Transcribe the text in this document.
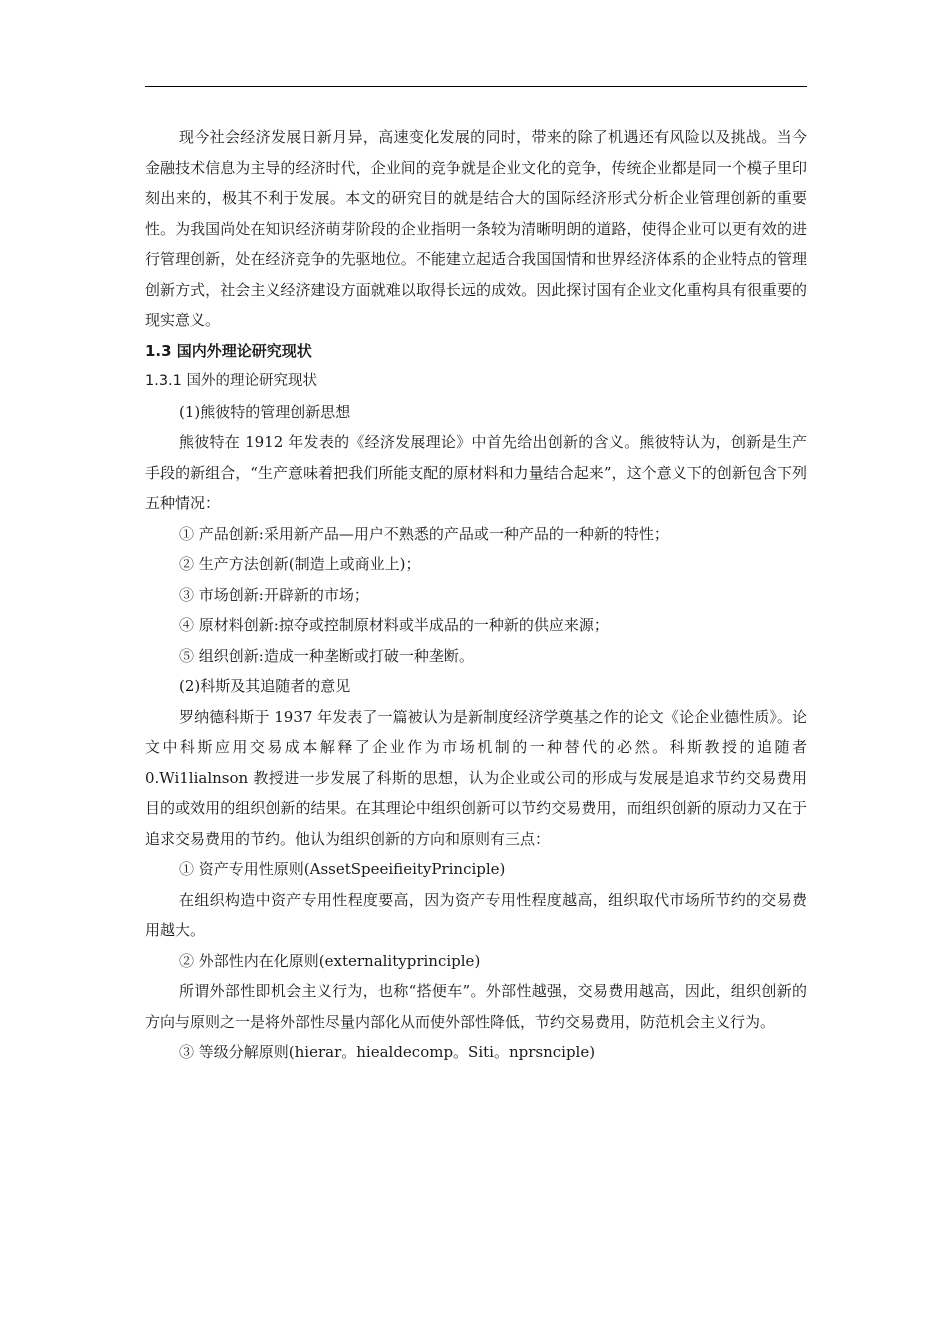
现今社会经济发展日新月异，高速变化发展的同时，带来的除了机遇还有风险以及挑战。当今金融技术信息为主导的经济时代，企业间的竞争就是企业文化的竞争，传统企业都是同一个模子里印刻出来的，极其不利于发展。本文的研究目的就是结合大的国际经济形式分析企业管理创新的重要性。为我国尚处在知识经济萌芽阶段的企业指明一条较为清晰明朗的道路，使得企业可以更有效的进行管理创新，处在经济竞争的先驱地位。不能建立起适合我国国情和世界经济体系的企业特点的管理创新方式，社会主义经济建设方面就难以取得长远的成效。因此探讨国有企业文化重构具有很重要的现实意义。

1.3 国内外理论研究现状

1.3.1 国外的理论研究现状

(1)熊彼特的管理创新思想

熊彼特在 1912 年发表的《经济发展理论》中首先给出创新的含义。熊彼特认为，创新是生产手段的新组合，“生产意味着把我们所能支配的原材料和力量结合起来”，这个意义下的创新包含下列五种情况：

① 产品创新:采用新产品—用户不熟悉的产品或一种产品的一种新的特性；

② 生产方法创新(制造上或商业上)；

③ 市场创新:开辟新的市场；

④ 原材料创新:掠夺或控制原材料或半成品的一种新的供应来源；

⑤ 组织创新:造成一种垄断或打破一种垄断。

(2)科斯及其追随者的意见

罗纳德科斯于 1937 年发表了一篇被认为是新制度经济学奠基之作的论文《论企业德性质》。论文中科斯应用交易成本解释了企业作为市场机制的一种替代的必然。科斯教授的追随者 0.Wi1lialnson 教授进一步发展了科斯的思想，认为企业或公司的形成与发展是追求节约交易费用目的或效用的组织创新的结果。在其理论中组织创新可以节约交易费用，而组织创新的原动力又在于追求交易费用的节约。他认为组织创新的方向和原则有三点：

① 资产专用性原则(AssetSpeeifieityPrinciple)

在组织构造中资产专用性程度要高，因为资产专用性程度越高，组织取代市场所节约的交易费用越大。

② 外部性内在化原则(externalityprinciple)

所谓外部性即机会主义行为，也称“搭便车”。外部性越强，交易费用越高，因此，组织创新的方向与原则之一是将外部性尽量内部化从而使外部性降低，节约交易费用，防范机会主义行为。

③ 等级分解原则(hierar。hiealdecomp。Siti。nprsnciple)
